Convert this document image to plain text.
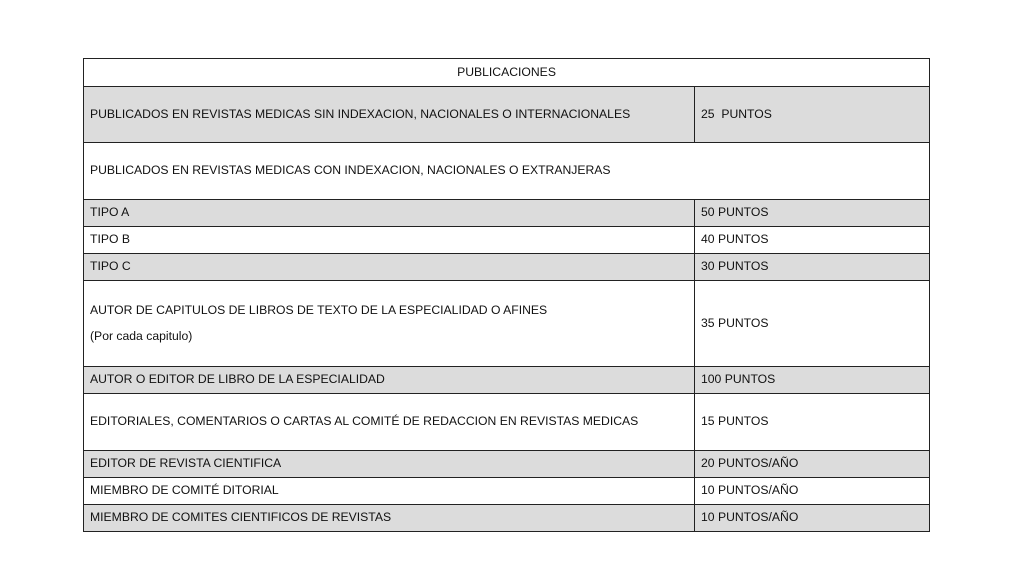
PUBLICACIONES	
PUBLICADOS EN REVISTAS MEDICAS SIN INDEXACION, NACIONALES O INTERNACIONALES	25  PUNTOS
PUBLICADOS EN REVISTAS MEDICAS CON INDEXACION, NACIONALES O EXTRANJERAS	
TIPO A	50 PUNTOS
TIPO B	40 PUNTOS
TIPO C	30 PUNTOS
AUTOR DE CAPITULOS DE LIBROS DE TEXTO DE LA ESPECIALIDAD O AFINES
(Por cada capitulo)	35 PUNTOS
AUTOR O EDITOR DE LIBRO DE LA ESPECIALIDAD	100 PUNTOS
EDITORIALES, COMENTARIOS O CARTAS AL COMITÉ DE REDACCION EN REVISTAS MEDICAS	15 PUNTOS
EDITOR DE REVISTA CIENTIFICA	20 PUNTOS/AÑO
MIEMBRO DE COMITÉ DITORIAL	10 PUNTOS/AÑO
MIEMBRO DE COMITES CIENTIFICOS DE REVISTAS	10 PUNTOS/AÑO
